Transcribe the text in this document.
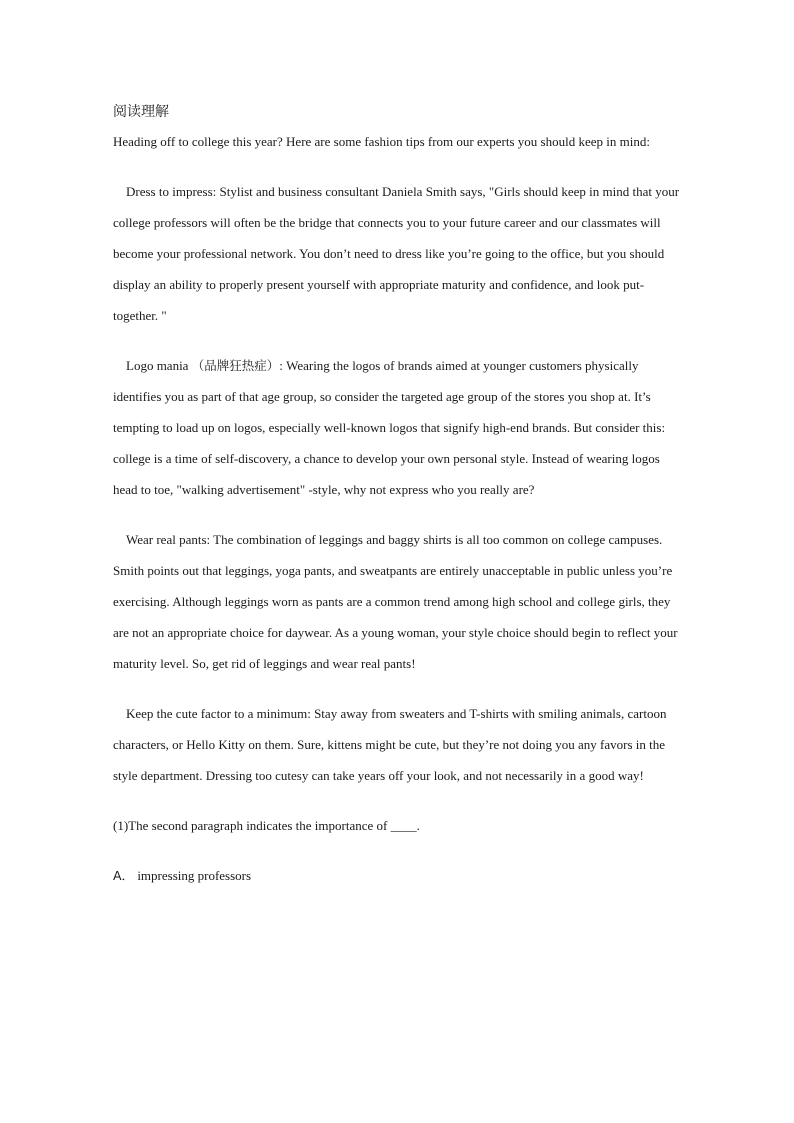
阅读理解

Heading off to college this year? Here are some fashion tips from our experts you should keep in mind:

Dress to impress: Stylist and business consultant Daniela Smith says, "Girls should keep in mind that your college professors will often be the bridge that connects you to your future career and our classmates will become your professional network. You don’t need to dress like you’re going to the office, but you should display an ability to properly present yourself with appropriate maturity and confidence, and look put-together. "

Logo mania （品牌狂热症）: Wearing the logos of brands aimed at younger customers physically identifies you as part of that age group, so consider the targeted age group of the stores you shop at. It’s tempting to load up on logos, especially well-known logos that signify high-end brands. But consider this: college is a time of self-discovery, a chance to develop your own personal style. Instead of wearing logos head to toe, "walking advertisement" -style, why not express who you really are?

Wear real pants: The combination of leggings and baggy shirts is all too common on college campuses. Smith points out that leggings, yoga pants, and sweatpants are entirely unacceptable in public unless you’re exercising. Although leggings worn as pants are a common trend among high school and college girls, they are not an appropriate choice for daywear. As a young woman, your style choice should begin to reflect your maturity level. So, get rid of leggings and wear real pants!

Keep the cute factor to a minimum: Stay away from sweaters and T-shirts with smiling animals, cartoon characters, or Hello Kitty on them. Sure, kittens might be cute, but they’re not doing you any favors in the style department. Dressing too cutesy can take years off your look, and not necessarily in a good way!

(1)The second paragraph indicates the importance of ____.

A． impressing professors
